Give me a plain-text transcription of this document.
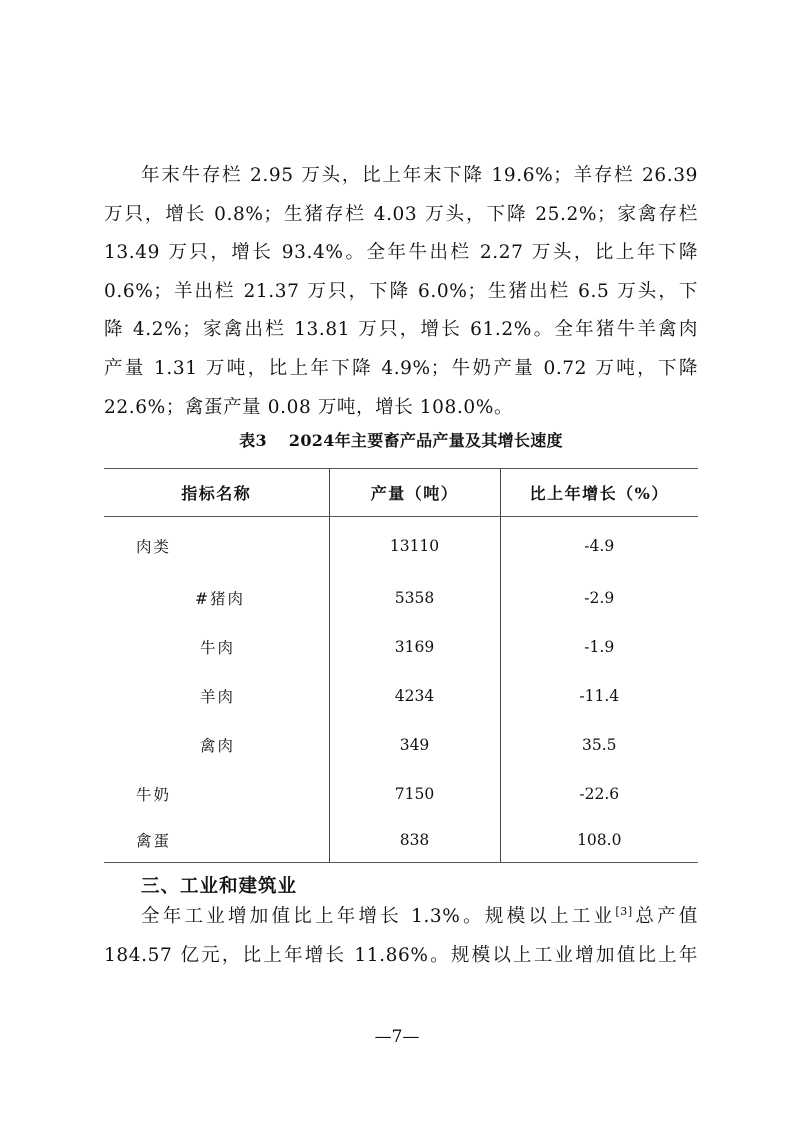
年末牛存栏 2.95 万头，比上年末下降 19.6%；羊存栏 26.39
万只，增长 0.8%；生猪存栏 4.03 万头，下降 25.2%；家禽存栏
13.49 万只，增长 93.4%。全年牛出栏 2.27 万头，比上年下降
0.6%；羊出栏 21.37 万只，下降 6.0%；生猪出栏 6.5 万头，下
降 4.2%；家禽出栏 13.81 万只，增长 61.2%。全年猪牛羊禽肉
产量 1.31 万吨，比上年下降 4.9%；牛奶产量 0.72 万吨，下降
22.6%；禽蛋产量 0.08 万吨，增长 108.0%。
表3 2024年主要畜产品产量及其增长速度
指标名称	产量（吨）	比上年增长（%）
肉类	13110	-4.9
#猪肉	5358	-2.9
牛肉	3169	-1.9
羊肉	4234	-11.4
禽肉	349	35.5
牛奶	7150	-22.6
禽蛋	838	108.0
三、工业和建筑业
全年工业增加值比上年增长 1.3%。规模以上工业[3]总产值
184.57 亿元，比上年增长 11.86%。规模以上工业增加值比上年
—7—
